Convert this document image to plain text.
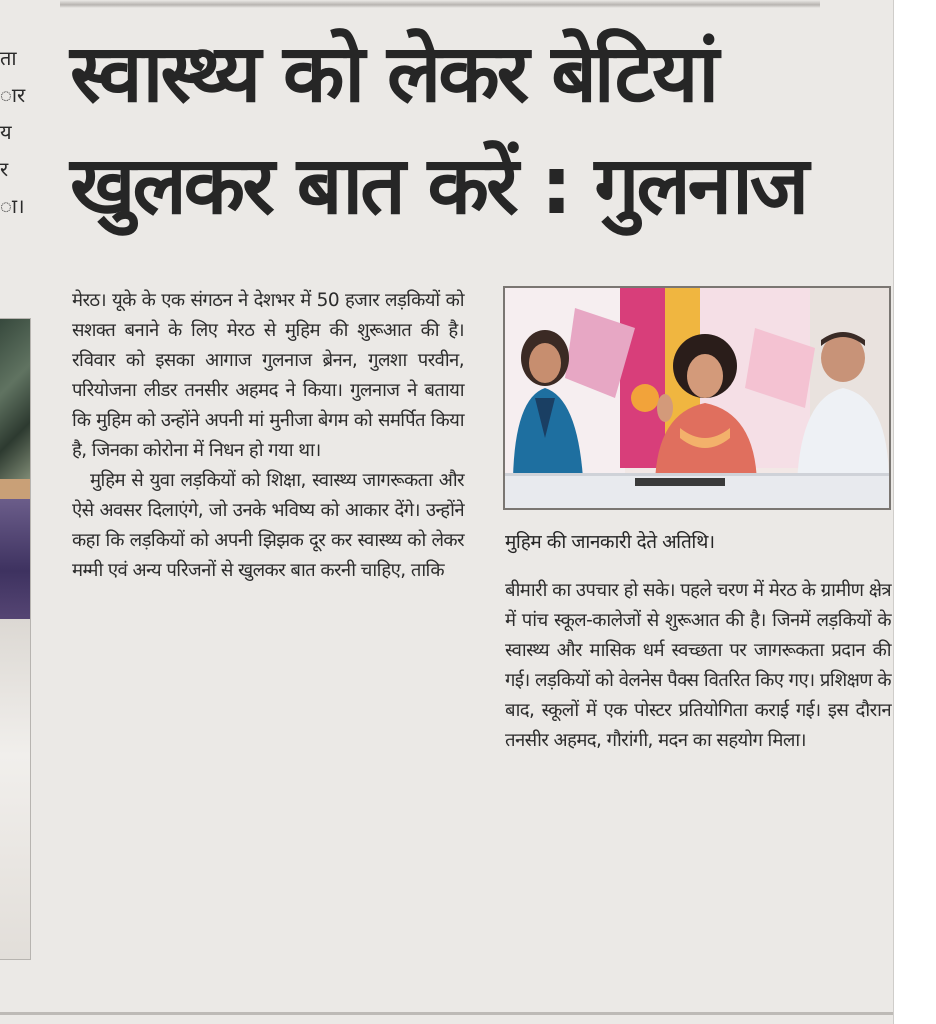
ता
ार
य
र
ा।
स्वास्थ्य को लेकर बेटियां
खुलकर बात करें : गुलनाज

मेरठ। यूके के एक संगठन ने देशभर में 50 हजार लड़कियों को सशक्त बनाने के लिए मेरठ से मुहिम की शुरूआत की है। रविवार को इसका आगाज गुलनाज ब्रेनन, गुलशा परवीन, परियोजना लीडर तनसीर अहमद ने किया। गुलनाज ने बताया कि मुहिम को उन्होंने अपनी मां मुनीजा बेगम को समर्पित किया है, जिनका कोरोना में निधन हो गया था।

मुहिम से युवा लड़कियों को शिक्षा, स्वास्थ्य जागरूकता और ऐसे अवसर दिलाएंगे, जो उनके भविष्य को आकार देंगे। उन्होंने कहा कि लड़कियों को अपनी झिझक दूर कर स्वास्थ्य को लेकर मम्मी एवं अन्य परिजनों से खुलकर बात करनी चाहिए, ताकि

मुहिम की जानकारी देते अतिथि।

बीमारी का उपचार हो सके। पहले चरण में मेरठ के ग्रामीण क्षेत्र में पांच स्कूल-कालेजों से शुरूआत की है। जिनमें लड़कियों के स्वास्थ्य और मासिक धर्म स्वच्छता पर जागरूकता प्रदान की गई। लड़कियों को वेलनेस पैक्स वितरित किए गए। प्रशिक्षण के बाद, स्कूलों में एक पोस्टर प्रतियोगिता कराई गई। इस दौरान तनसीर अहमद, गौरांगी, मदन का सहयोग मिला।
